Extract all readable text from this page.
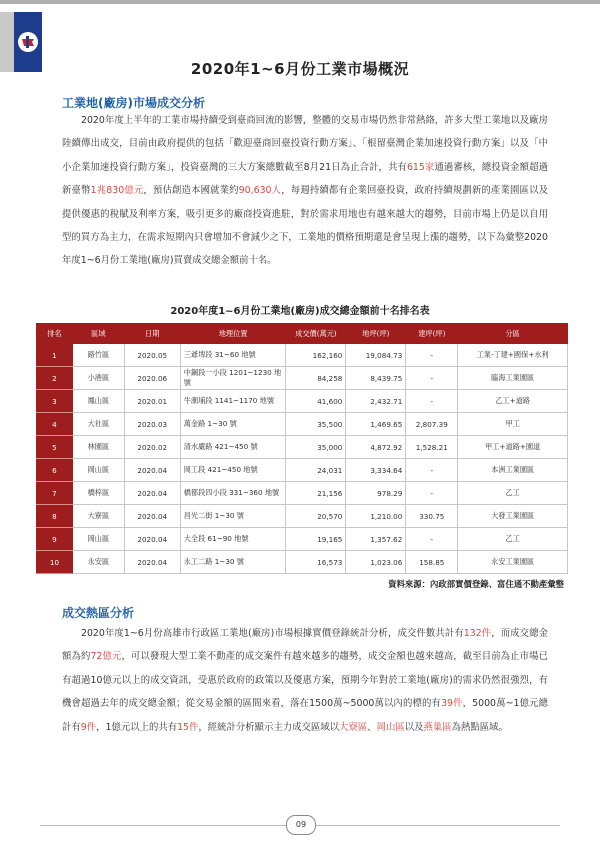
2020年1~6月份工業市場概況
工業地(廠房)市場成交分析

2020年度上半年的工業市場持續受到臺商回流的影響，整體的交易市場仍然非常熱絡，許多大型工業地以及廠房陸續傳出成交，目前由政府提供的包括「歡迎臺商回臺投資行動方案」、「根留臺灣企業加速投資行動方案」以及「中小企業加速投資行動方案」，投資臺灣的三大方案總數截至8月21日為止合計，共有615家通過審核，總投資金額超過新臺幣1兆830億元，預估創造本國就業約90,630人，每週持續都有企業回臺投資，政府持續規劃新的產業園區以及提供優惠的稅賦及利率方案，吸引更多的廠商投資進駐，對於需求用地也有越來越大的趨勢，目前市場上仍是以自用型的買方為主力，在需求短期內只會增加不會減少之下，工業地的價格預期還是會呈現上漲的趨勢，以下為彙整2020年度1~6月份工業地(廠房)買賣成交總金額前十名。

2020年度1~6月份工業地(廠房)成交總金額前十名排名表
排名	區域	日期	地理位置	成交價(萬元)	地坪(坪)	建坪(坪)	分區
1	路竹區	2020.05	三爺埤段 31~60 地號	162,160	19,084.73	-	工業-丁建+國保+水利
2	小港區	2020.06	中鋼段一小段 1201~1230 地號	84,258	8,439.75	-	臨海工業園區
3	鳳山區	2020.01	牛潮埔段 1141~1170 地號	41,600	2,432.71	-	乙工+道路
4	大社區	2020.03	萬金路 1~30 號	35,500	1,469.65	2,807.39	甲工
5	林園區	2020.02	清水嚴路 421~450 號	35,000	4,872.92	1,528.21	甲工+道路+園道
6	岡山區	2020.04	岡工段 421~450 地號	24,031	3,334.64	-	本洲工業園區
7	橋梓區	2020.04	橋都段四小段 331~360 地號	21,156	978.29	-	乙工
8	大寮區	2020.04	昌光二街 1~30 號	20,570	1,210.00	330.75	大發工業園區
9	岡山區	2020.04	大全段 61~90 地號	19,165	1,357.62	-	乙工
10	永安區	2020.04	永工二路 1~30 號	16,573	1,023.06	158.85	永安工業園區
資料來源：內政部實價登錄、富住通不動產彙整
成交熱區分析

2020年度1~6月份高雄市行政區工業地(廠房)市場根據實價登錄統計分析，成交件數共計有132件，而成交總金額為約72億元，可以發現大型工業不動產的成交案件有越來越多的趨勢，成交金額也越來越高，截至目前為止市場已有超過10億元以上的成交資訊，受惠於政府的政策以及優惠方案，預期今年對於工業地(廠房)的需求仍然很強烈，有機會超過去年的成交總金額；從交易金額的區間來看，落在1500萬~5000萬以內的標的有39件，5000萬~1億元總計有9件，1億元以上的共有15件，經統計分析顯示主力成交區域以大寮區、岡山區以及燕巢區為熱點區域。

09
